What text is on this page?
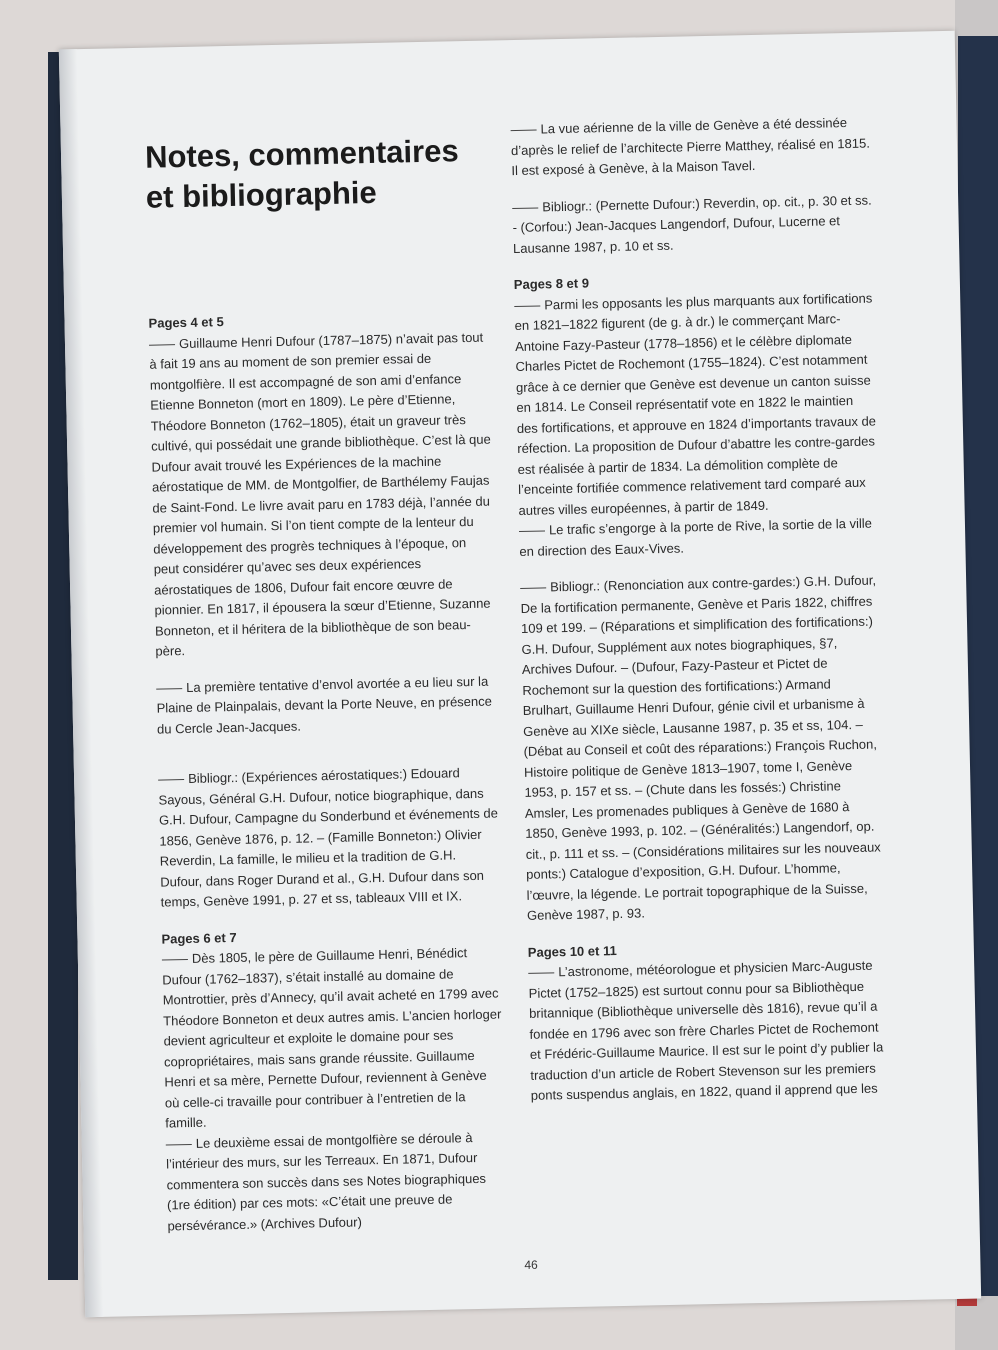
Notes, commentaires et bibliographie

Pages 4 et 5

Guillaume Henri Dufour (1787–1875) n’avait pas tout à fait 19 ans au moment de son premier essai de montgolfière. Il est accompagné de son ami d’enfance Etienne Bonneton (mort en 1809). Le père d’Etienne, Théodore Bonneton (1762–1805), était un graveur très cultivé, qui possédait une grande bibliothèque. C’est là que Dufour avait trouvé les Expériences de la machine aérostatique de MM. de Montgolfier, de Barthélemy Faujas de Saint-Fond. Le livre avait paru en 1783 déjà, l’année du premier vol humain. Si l’on tient compte de la lenteur du développement des progrès techniques à l’époque, on peut considérer qu’avec ses deux expériences aérostatiques de 1806, Dufour fait encore œuvre de pionnier. En 1817, il épousera la sœur d’Etienne, Suzanne Bonneton, et il héritera de la bibliothèque de son beau-père.

La première tentative d’envol avortée a eu lieu sur la Plaine de Plainpalais, devant la Porte Neuve, en présence du Cercle Jean-Jacques.

Bibliogr.: (Expériences aérostatiques:) Edouard Sayous, Général G.H. Dufour, notice biographique, dans G.H. Dufour, Campagne du Sonderbund et événements de 1856, Genève 1876, p. 12. – (Famille Bonneton:) Olivier Reverdin, La famille, le milieu et la tradition de G.H. Dufour, dans Roger Durand et al., G.H. Dufour dans son temps, Genève 1991, p. 27 et ss, tableaux VIII et IX.

Pages 6 et 7

Dès 1805, le père de Guillaume Henri, Bénédict Dufour (1762–1837), s’était installé au domaine de Montrottier, près d’Annecy, qu’il avait acheté en 1799 avec Théodore Bonneton et deux autres amis. L’ancien horloger devient agriculteur et exploite le domaine pour ses copropriétaires, mais sans grande réussite. Guillaume Henri et sa mère, Pernette Dufour, reviennent à Genève où celle-ci travaille pour contribuer à l’entretien de la famille.

Le deuxième essai de montgolfière se déroule à l’intérieur des murs, sur les Terreaux. En 1871, Dufour commentera son succès dans ses Notes biographiques (1re édition) par ces mots: «C’était une preuve de persévérance.» (Archives Dufour)

La vue aérienne de la ville de Genève a été dessinée d’après le relief de l’architecte Pierre Matthey, réalisé en 1815. Il est exposé à Genève, à la Maison Tavel.

Bibliogr.: (Pernette Dufour:) Reverdin, op. cit., p. 30 et ss. - (Corfou:) Jean-Jacques Langendorf, Dufour, Lucerne et Lausanne 1987, p. 10 et ss.

Pages 8 et 9

Parmi les opposants les plus marquants aux fortifications en 1821–1822 figurent (de g. à dr.) le commerçant Marc-Antoine Fazy-Pasteur (1778–1856) et le célèbre diplomate Charles Pictet de Rochemont (1755–1824). C’est notamment grâce à ce dernier que Genève est devenue un canton suisse en 1814. Le Conseil représentatif vote en 1822 le maintien des fortifications, et approuve en 1824 d’importants travaux de réfection. La proposition de Dufour d’abattre les contre-gardes est réalisée à partir de 1834. La démolition complète de l’enceinte fortifiée commence relativement tard comparé aux autres villes européennes, à partir de 1849.

Le trafic s’engorge à la porte de Rive, la sortie de la ville en direction des Eaux-Vives.

Bibliogr.: (Renonciation aux contre-gardes:) G.H. Dufour, De la fortification permanente, Genève et Paris 1822, chiffres 109 et 199. – (Réparations et simplification des fortifications:) G.H. Dufour, Supplément aux notes biographiques, §7, Archives Dufour. – (Dufour, Fazy-Pasteur et Pictet de Rochemont sur la question des fortifications:) Armand Brulhart, Guillaume Henri Dufour, génie civil et urbanisme à Genève au XIXe siècle, Lausanne 1987, p. 35 et ss, 104. – (Débat au Conseil et coût des réparations:) François Ruchon, Histoire politique de Genève 1813–1907, tome I, Genève 1953, p. 157 et ss. – (Chute dans les fossés:) Christine Amsler, Les promenades publiques à Genève de 1680 à 1850, Genève 1993, p. 102. – (Généralités:) Langendorf, op. cit., p. 111 et ss. – (Considérations militaires sur les nouveaux ponts:) Catalogue d’exposition, G.H. Dufour. L’homme, l’œuvre, la légende. Le portrait topographique de la Suisse, Genève 1987, p. 93.

Pages 10 et 11

L’astronome, météorologue et physicien Marc-Auguste Pictet (1752–1825) est surtout connu pour sa Bibliothèque britannique (Bibliothèque universelle dès 1816), revue qu’il a fondée en 1796 avec son frère Charles Pictet de Rochemont et Frédéric-Guillaume Maurice. Il est sur le point d’y publier la traduction d’un article de Robert Stevenson sur les premiers ponts suspendus anglais, en 1822, quand il apprend que les

46
